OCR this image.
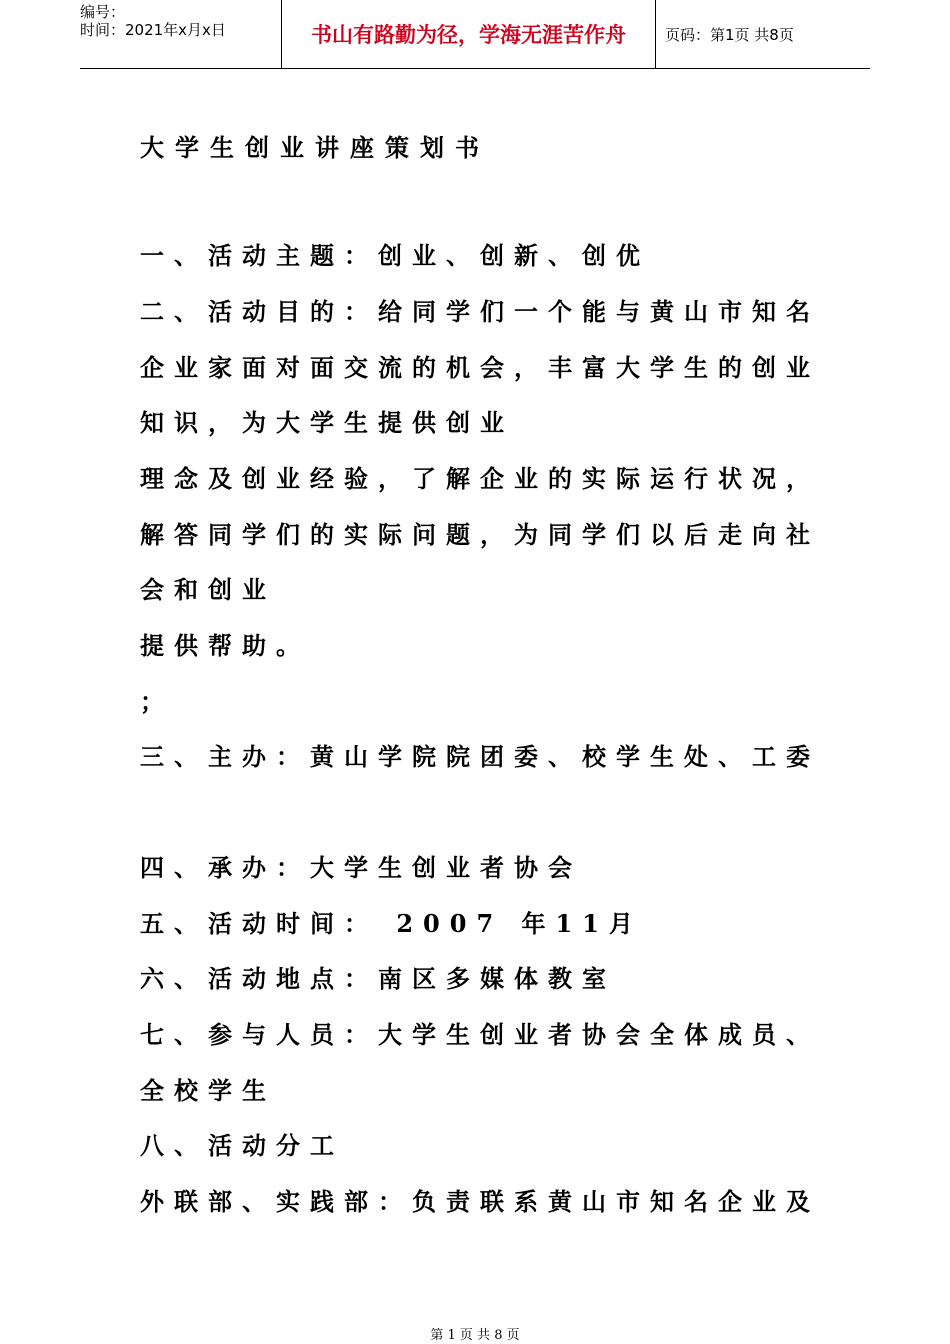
编号：
时间：2021年x月x日	书山有路勤为径，学海无涯苦作舟	页码：第1页 共8页
大学生创业讲座策划书
一、活动主题：创业、创新、创优
二、活动目的：给同学们一个能与黄山市知名
企业家面对面交流的机会，丰富大学生的创业
知识，为大学生提供创业
理念及创业经验，了解企业的实际运行状况，
解答同学们的实际问题，为同学们以后走向社
会和创业
提供帮助。
；
三、主办：黄山学院院团委、校学生处、工委
四、承办：大学生创业者协会
五、活动时间： 2007 年11月
六、活动地点：南区多媒体教室
七、参与人员：大学生创业者协会全体成员、
全校学生
八、活动分工
外联部、实践部：负责联系黄山市知名企业及
第 1 页 共 8 页
